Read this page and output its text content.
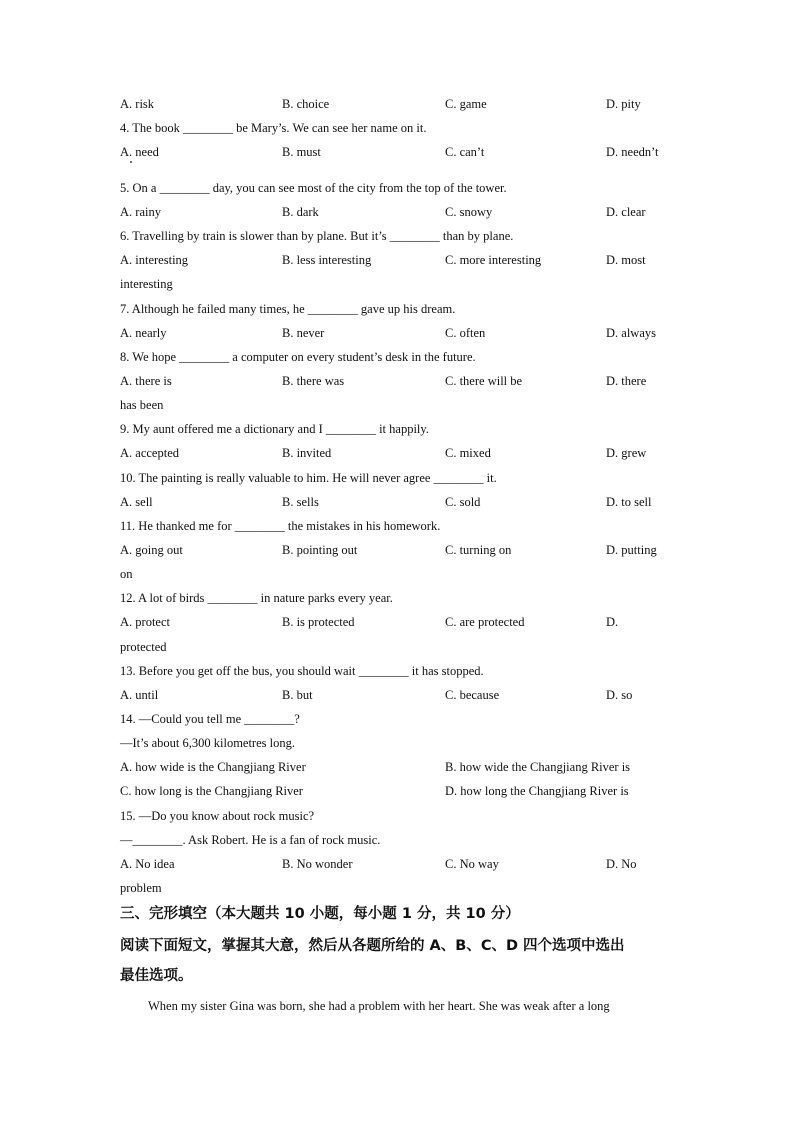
A. risk	B. choice	C. game	D. pity
4. The book ________ be Mary’s. We can see her name on it.
A. need	B. must	C. can’t	D. needn’t
5. On a ________ day, you can see most of the city from the top of the tower.
A. rainy	B. dark	C. snowy	D. clear
6. Travelling by train is slower than by plane. But it’s ________ than by plane.
A. interesting	B. less interesting	C. more interesting	D. most
interesting
7. Although he failed many times, he ________ gave up his dream.
A. nearly	B. never	C. often	D. always
8. We hope ________ a computer on every student’s desk in the future.
A. there is	B. there was	C. there will be	D. there
has been
9. My aunt offered me a dictionary and I ________ it happily.
A. accepted	B. invited	C. mixed	D. grew
10. The painting is really valuable to him. He will never agree ________ it.
A. sell	B. sells	C. sold	D. to sell
11. He thanked me for ________ the mistakes in his homework.
A. going out	B. pointing out	C. turning on	D. putting
on
12. A lot of birds ________ in nature parks every year.
A. protect	B. is protected	C. are protected	D.
protected
13. Before you get off the bus, you should wait ________ it has stopped.
A. until	B. but	C. because	D. so
14. —Could you tell me ________?
—It’s about 6,300 kilometres long.
A. how wide is the Changjiang River	B. how wide the Changjiang River is
C. how long is the Changjiang River	D. how long the Changjiang River is
15. —Do you know about rock music?
—________. Ask Robert. He is a fan of rock music.
A. No idea	B. No wonder	C. No way	D. No
problem
三、完形填空（本大题共 10 小题，每小题 1 分，共 10 分）
阅读下面短文，掌握其大意，然后从各题所给的 A、B、C、D 四个选项中选出
最佳选项。
When my sister Gina was born, she had a problem with her heart. She was weak after a long
